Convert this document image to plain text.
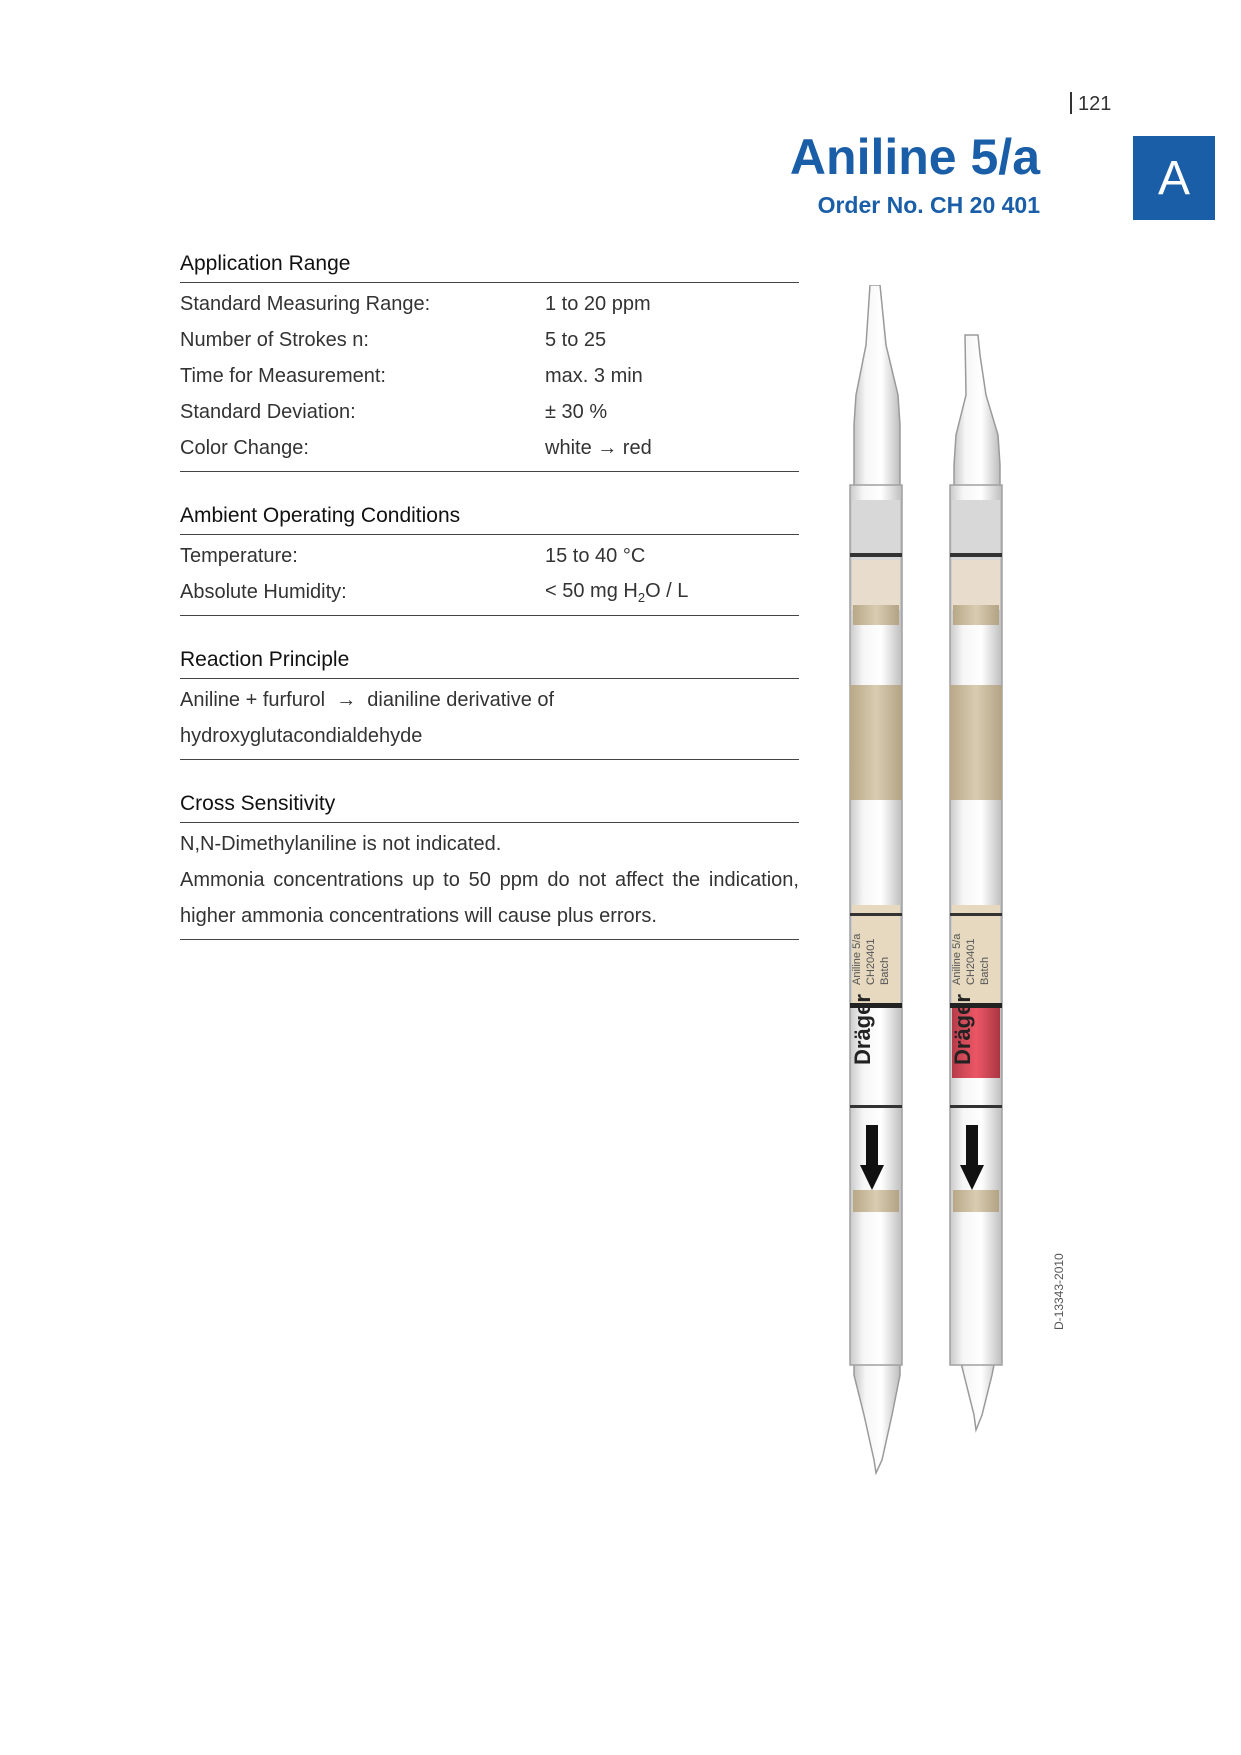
121
Aniline 5/a
Order No. CH 20 401
A
Application Range
Standard Measuring Range:	1 to 20 ppm
Number of Strokes n:	5 to 25
Time for Measurement:	max. 3 min
Standard Deviation:	± 30 %
Color Change:	white → red
Ambient Operating Conditions
Temperature:	15 to 40 °C
Absolute Humidity:	< 50 mg $H_2O$ / L
Reaction Principle
Aniline + furfurol  →  dianiline derivative of
hydroxyglutacondialdehyde
Cross Sensitivity
N,N-Dimethylaniline is not indicated.
Ammonia concentrations up to 50 ppm do not affect the indication, higher ammonia concentrations will cause plus errors.
Dräger
Aniline 5/a CH20401 Batch
Dräger
Aniline 5/a CH20401 Batch
D-13343-2010
